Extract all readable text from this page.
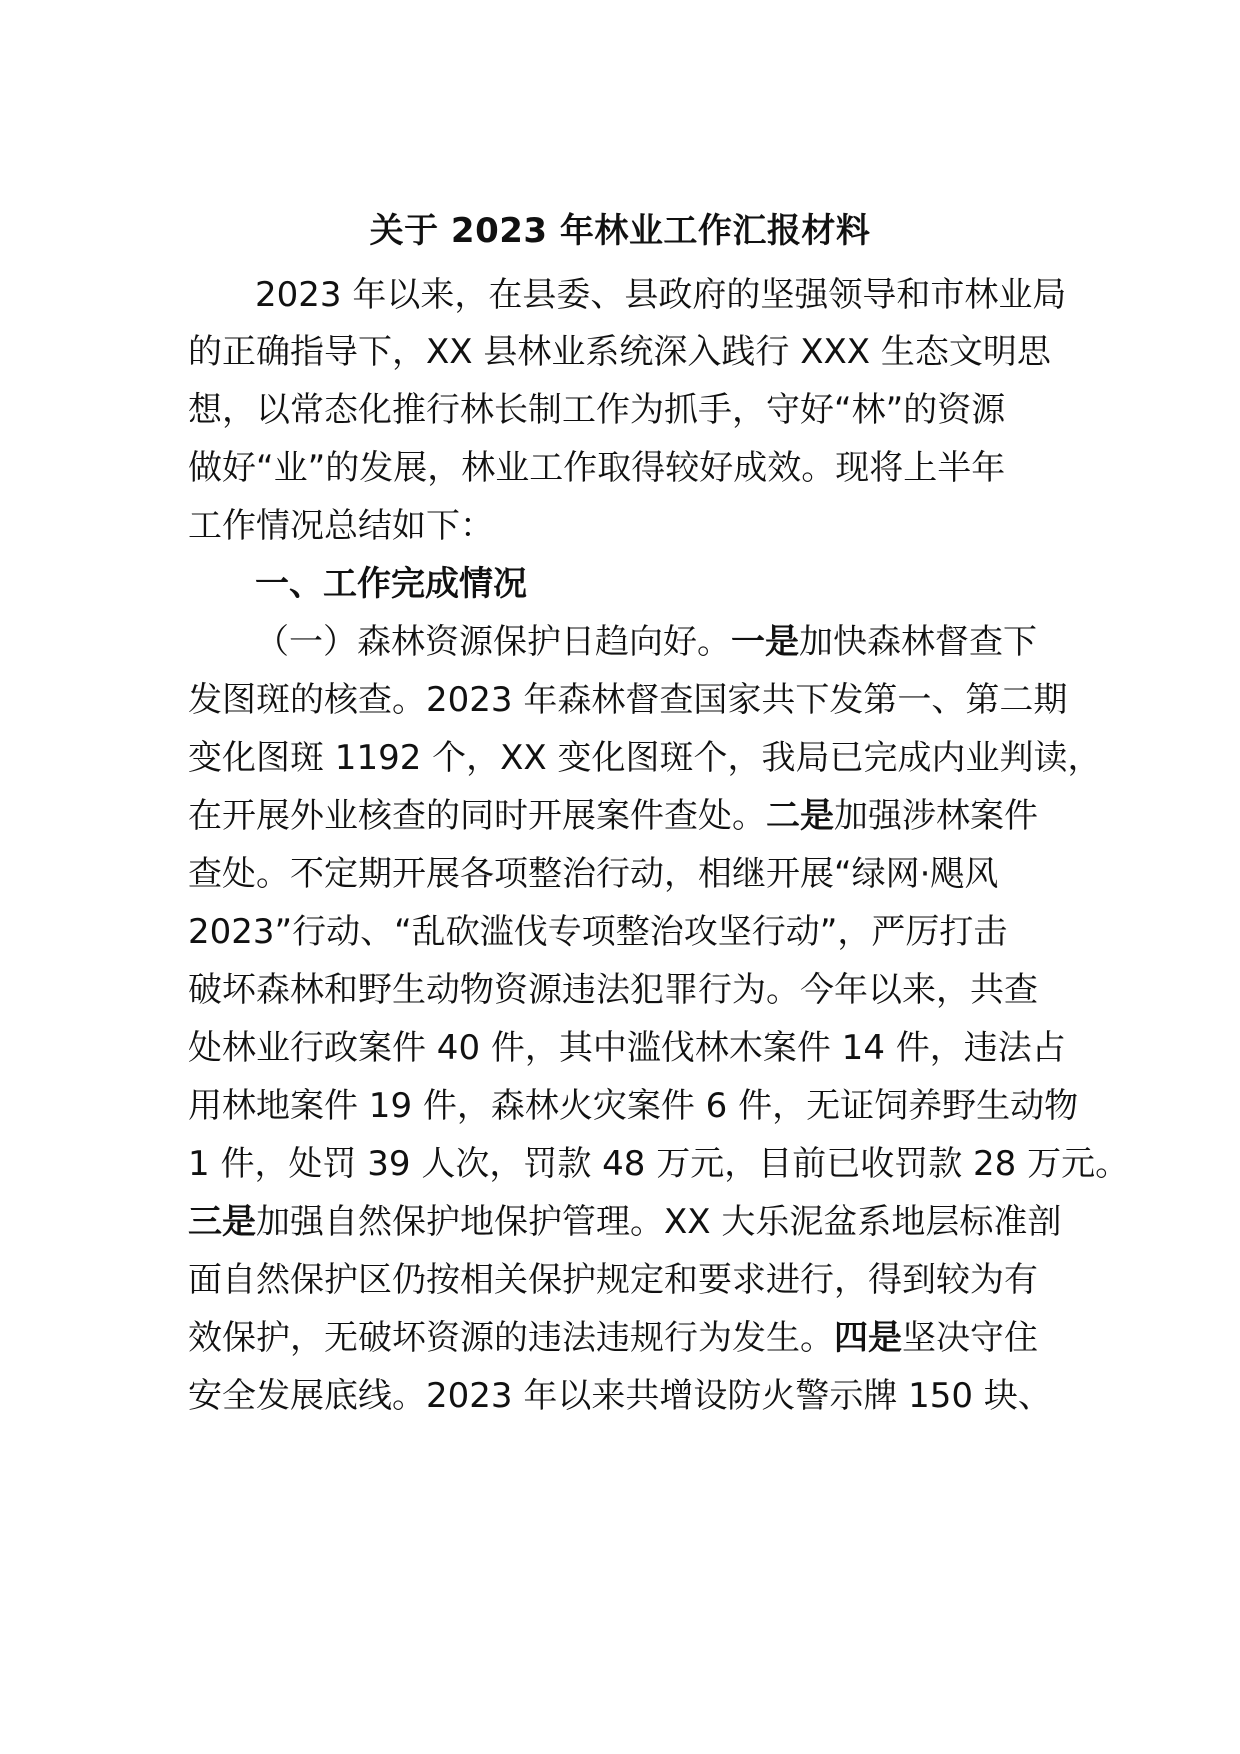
关于 2023 年林业工作汇报材料
2023 年以来，在县委、县政府的坚强领导和市林业局
的正确指导下，XX 县林业系统深入践行 XXX 生态文明思
想，以常态化推行林长制工作为抓手，守好“林”的资源
做好“业”的发展，林业工作取得较好成效。现将上半年
工作情况总结如下：
一、工作完成情况
（一）森林资源保护日趋向好。一是加快森林督查下
发图斑的核查。2023 年森林督查国家共下发第一、第二期
变化图斑 1192 个，XX 变化图斑个，我局已完成内业判读，
在开展外业核查的同时开展案件查处。二是加强涉林案件
查处。不定期开展各项整治行动，相继开展“绿网·飓风
2023”行动、“乱砍滥伐专项整治攻坚行动”，严厉打击
破坏森林和野生动物资源违法犯罪行为。今年以来，共查
处林业行政案件 40 件，其中滥伐林木案件 14 件，违法占
用林地案件 19 件，森林火灾案件 6 件，无证饲养野生动物
1 件，处罚 39 人次，罚款 48 万元，目前已收罚款 28 万元。
三是加强自然保护地保护管理。XX 大乐泥盆系地层标准剖
面自然保护区仍按相关保护规定和要求进行，得到较为有
效保护，无破坏资源的违法违规行为发生。四是坚决守住
安全发展底线。2023 年以来共增设防火警示牌 150 块、
